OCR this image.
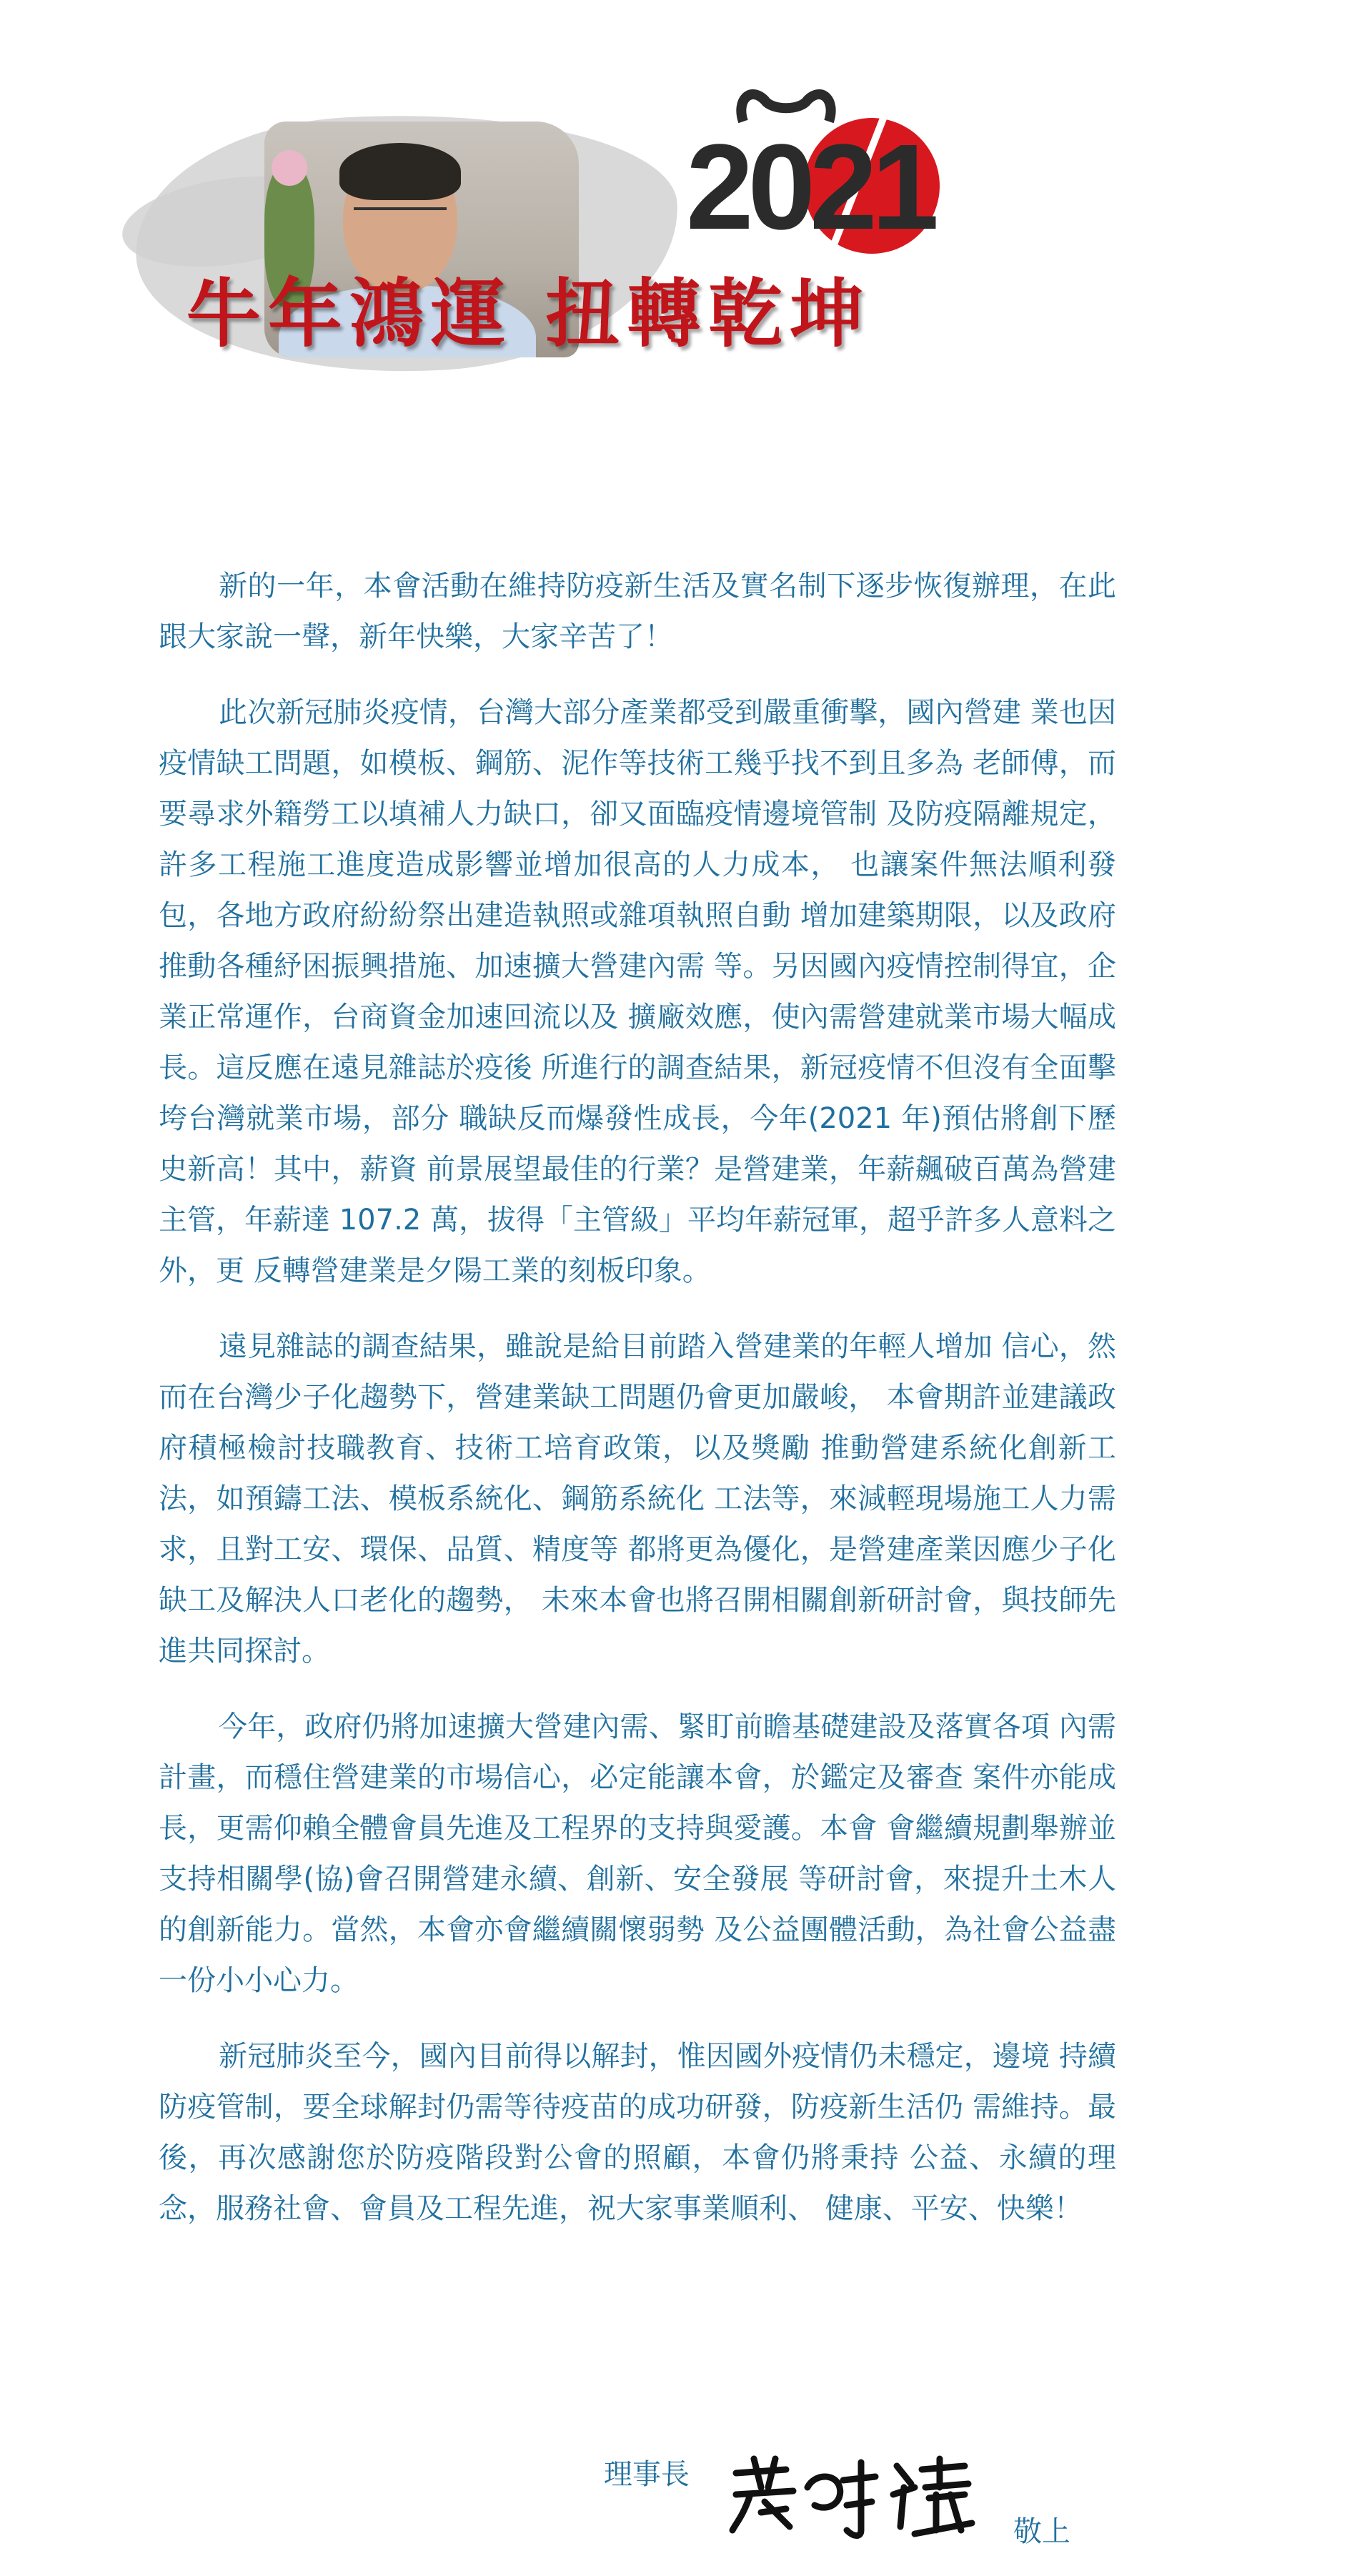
2021
牛年鴻運 扭轉乾坤

新的一年，本會活動在維持防疫新生活及實名制下逐步恢復辦理，在此跟大家說一聲，新年快樂，大家辛苦了！

此次新冠肺炎疫情，台灣大部分產業都受到嚴重衝擊，國內營建 業也因疫情缺工問題，如模板、鋼筋、泥作等技術工幾乎找不到且多為 老師傅，而要尋求外籍勞工以填補人力缺口，卻又面臨疫情邊境管制 及防疫隔離規定，許多工程施工進度造成影響並增加很高的人力成本， 也讓案件無法順利發包，各地方政府紛紛祭出建造執照或雜項執照自動 增加建築期限，以及政府推動各種紓困振興措施、加速擴大營建內需 等。另因國內疫情控制得宜，企業正常運作，台商資金加速回流以及 擴廠效應，使內需營建就業市場大幅成長。這反應在遠見雜誌於疫後 所進行的調查結果，新冠疫情不但沒有全面擊垮台灣就業市場，部分 職缺反而爆發性成長，今年(2021 年)預估將創下歷史新高！其中，薪資 前景展望最佳的行業？是營建業，年薪飆破百萬為營建主管，年薪達 107.2 萬，拔得「主管級」平均年薪冠軍，超乎許多人意料之外，更 反轉營建業是夕陽工業的刻板印象。

遠見雜誌的調查結果，雖說是給目前踏入營建業的年輕人增加 信心，然而在台灣少子化趨勢下，營建業缺工問題仍會更加嚴峻， 本會期許並建議政府積極檢討技職教育、技術工培育政策，以及獎勵 推動營建系統化創新工法，如預鑄工法、模板系統化、鋼筋系統化 工法等，來減輕現場施工人力需求，且對工安、環保、品質、精度等 都將更為優化，是營建產業因應少子化缺工及解決人口老化的趨勢， 未來本會也將召開相關創新研討會，與技師先進共同探討。

今年，政府仍將加速擴大營建內需、緊盯前瞻基礎建設及落實各項 內需計畫，而穩住營建業的市場信心，必定能讓本會，於鑑定及審查 案件亦能成長，更需仰賴全體會員先進及工程界的支持與愛護。本會 會繼續規劃舉辦並支持相關學(協)會召開營建永續、創新、安全發展 等研討會，來提升土木人的創新能力。當然，本會亦會繼續關懷弱勢 及公益團體活動，為社會公益盡一份小小心力。

新冠肺炎至今，國內目前得以解封，惟因國外疫情仍未穩定，邊境 持續防疫管制，要全球解封仍需等待疫苗的成功研發，防疫新生活仍 需維持。最後，再次感謝您於防疫階段對公會的照顧，本會仍將秉持 公益、永續的理念，服務社會、會員及工程先進，祝大家事業順利、 健康、平安、快樂！

理事長
敬上
